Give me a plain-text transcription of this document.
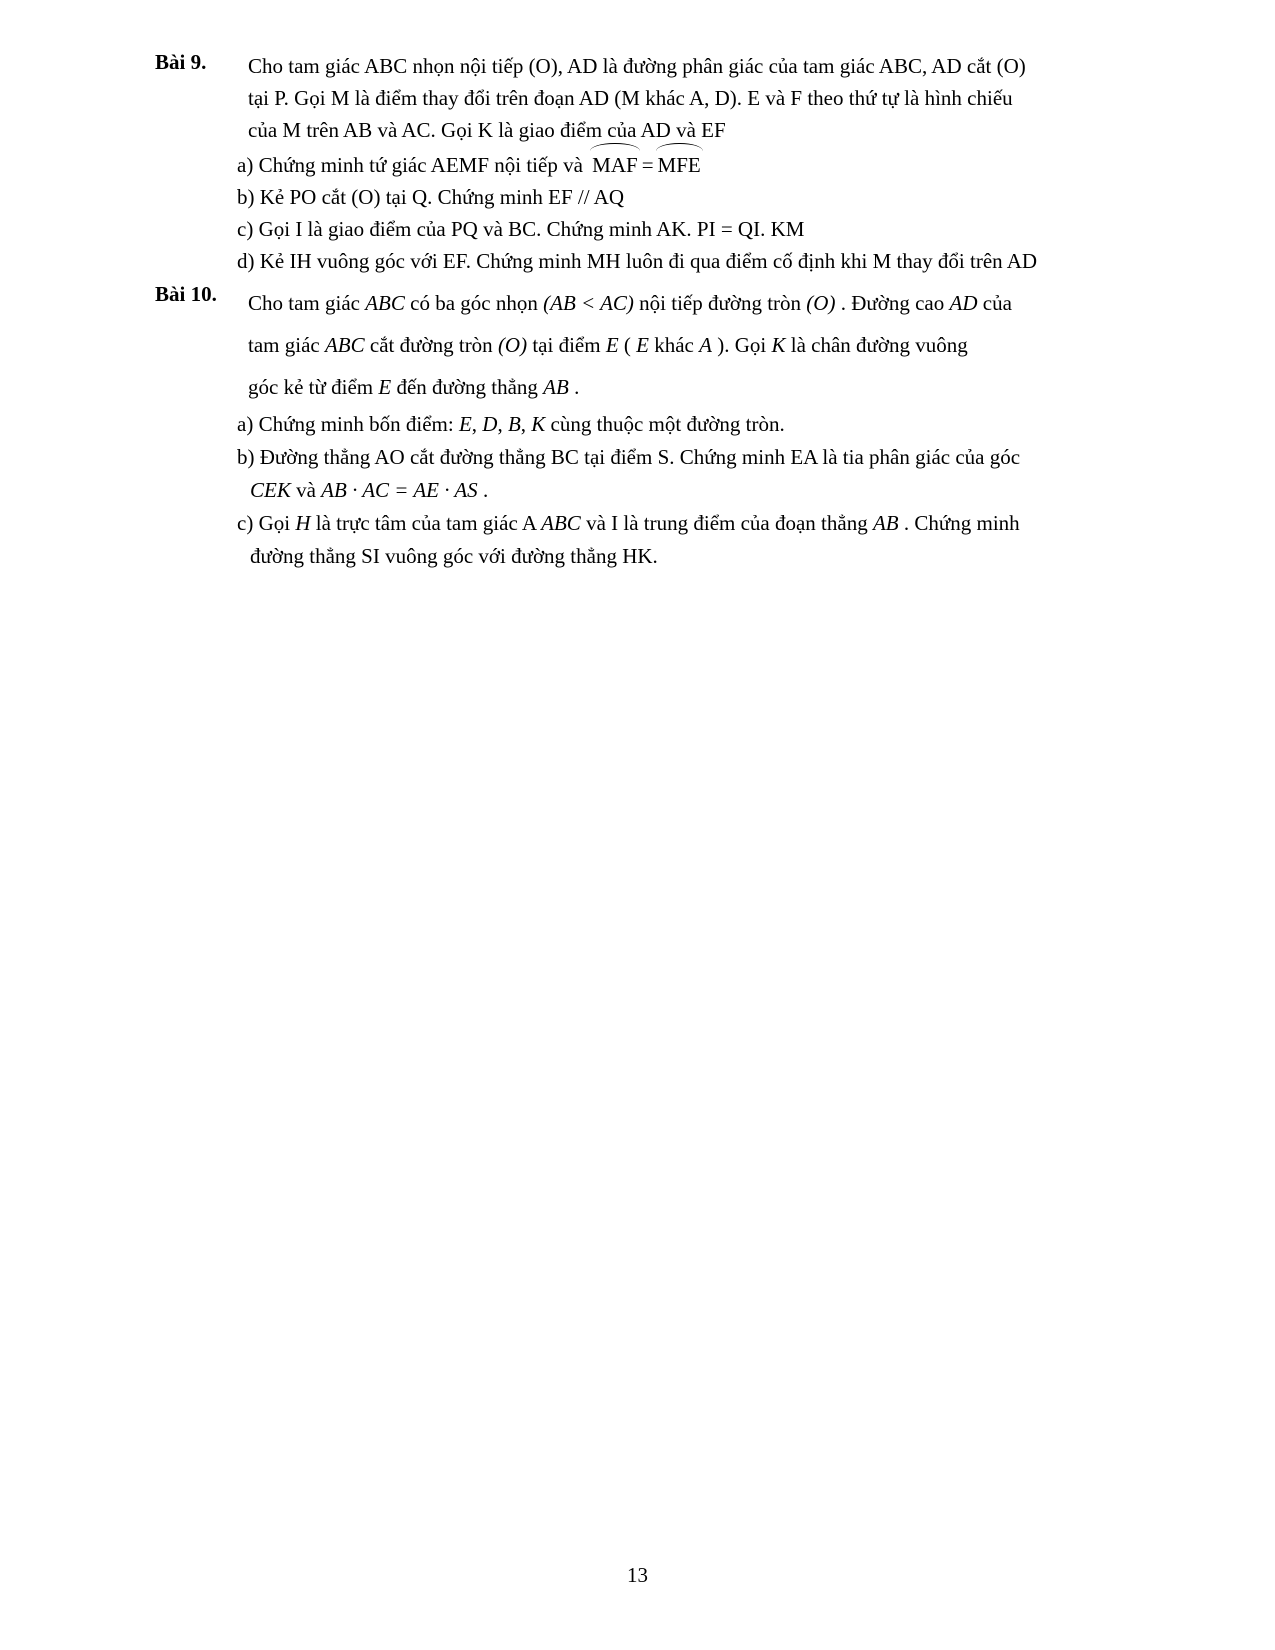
Bài 9. Cho tam giác ABC nhọn nội tiếp (O), AD là đường phân giác của tam giác ABC, AD cắt (O)
tại P. Gọi M là điểm thay đổi trên đoạn AD (M khác A, D). E và F theo thứ tự là hình chiếu
của M trên AB và AC. Gọi K là giao điểm của AD và EF
a) Chứng minh tứ giác AEMF nội tiếp và MAF = MFE
b) Kẻ PO cắt (O) tại Q. Chứng minh EF // AQ
c) Gọi I là giao điểm của PQ và BC. Chứng minh AK. PI = QI. KM
d) Kẻ IH vuông góc với EF. Chứng minh MH luôn đi qua điểm cố định khi M thay đổi trên AD
Bài 10. Cho tam giác ABC có ba góc nhọn (AB < AC) nội tiếp đường tròn (O) . Đường cao AD của
tam giác ABC cắt đường tròn (O) tại điểm E ( E khác A ). Gọi K là chân đường vuông
góc kẻ từ điểm E đến đường thẳng AB .
a) Chứng minh bốn điểm: E, D, B, K cùng thuộc một đường tròn.
b) Đường thẳng AO cắt đường thẳng BC tại điểm S. Chứng minh EA là tia phân giác của góc
CEK và AB · AC = AE · AS .
c) Gọi H là trực tâm của tam giác A ABC và I là trung điểm của đoạn thẳng AB . Chứng minh
đường thẳng SI vuông góc với đường thẳng HK.
13
